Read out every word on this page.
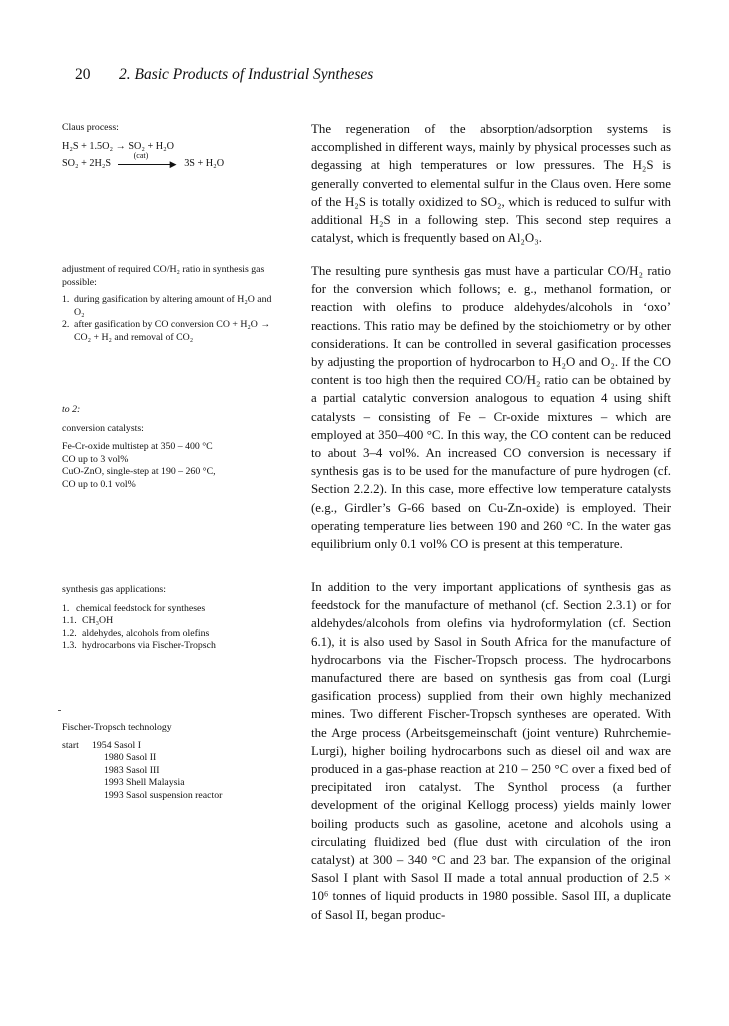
20 2. Basic Products of Industrial Syntheses

Claus process:

H₂S + 1.5O₂ → SO₂ + H₂O

SO₂ + 2H₂S
(cat)
▶ 3S + H₂O

adjustment of required CO/H₂ ratio in synthesis gas possible:

1. during gasification by altering amount of H₂O and O₂
2. after gasification by CO conversion CO + H₂O → CO₂ + H₂ and removal of CO₂

to 2:

conversion catalysts:

Fe-Cr-oxide multistep at 350 – 400 °C

CO up to 3 vol%

CuO-ZnO, single-step at 190 – 260 °C,

CO up to 0.1 vol%

synthesis gas applications:

1. chemical feedstock for syntheses
1.1. CH₃OH
1.2. aldehydes, alcohols from olefins
1.3. hydrocarbons via Fischer-Tropsch

Fischer-Tropsch technology

start	1954 Sasol I

1980 Sasol II

1983 Sasol III

1993 Shell Malaysia

1993 Sasol suspension reactor

The regeneration of the absorption/adsorption systems is accomplished in different ways, mainly by physical processes such as degassing at high temperatures or low pressures. The H₂S is generally converted to elemental sulfur in the Claus oven. Here some of the H₂S is totally oxidized to SO₂, which is reduced to sulfur with additional H₂S in a following step. This second step requires a catalyst, which is frequently based on Al₂O₃.

The resulting pure synthesis gas must have a particular CO/H₂ ratio for the conversion which follows; e. g., methanol formation, or reaction with olefins to produce aldehydes/alcohols in ‘oxo’ reactions. This ratio may be defined by the stoichiometry or by other considerations. It can be controlled in several gasification processes by adjusting the proportion of hydrocarbon to H₂O and O₂. If the CO content is too high then the required CO/H₂ ratio can be obtained by a partial catalytic conversion analogous to equation 4 using shift catalysts – consisting of Fe – Cr-oxide mixtures – which are employed at 350–400 °C. In this way, the CO content can be reduced to about 3–4 vol%. An increased CO conversion is necessary if synthesis gas is to be used for the manufacture of pure hydrogen (cf. Section 2.2.2). In this case, more effective low temperature catalysts (e.g., Girdler’s G-66 based on Cu-Zn-oxide) is employed. Their operating temperature lies between 190 and 260 °C. In the water gas equilibrium only 0.1 vol% CO is present at this temperature.

In addition to the very important applications of synthesis gas as feedstock for the manufacture of methanol (cf. Section 2.3.1) or for aldehydes/alcohols from olefins via hydroformylation (cf. Section 6.1), it is also used by Sasol in South Africa for the manufacture of hydrocarbons via the Fischer-Tropsch process. The hydrocarbons manufactured there are based on synthesis gas from coal (Lurgi gasification process) supplied from their own highly mechanized mines. Two different Fischer-Tropsch syntheses are operated. With the Arge process (Arbeitsgemeinschaft (joint venture) Ruhrchemie-Lurgi), higher boiling hydrocarbons such as diesel oil and wax are produced in a gas-phase reaction at 210 – 250 °C over a fixed bed of precipitated iron catalyst. The Synthol process (a further development of the original Kellogg process) yields mainly lower boiling products such as gasoline, acetone and alcohols using a circulating fluidized bed (flue dust with circulation of the iron catalyst) at 300 – 340 °C and 23 bar. The expansion of the original Sasol I plant with Sasol II made a total annual production of 2.5 × 10⁶ tonnes of liquid products in 1980 possible. Sasol III, a duplicate of Sasol II, began produc-
